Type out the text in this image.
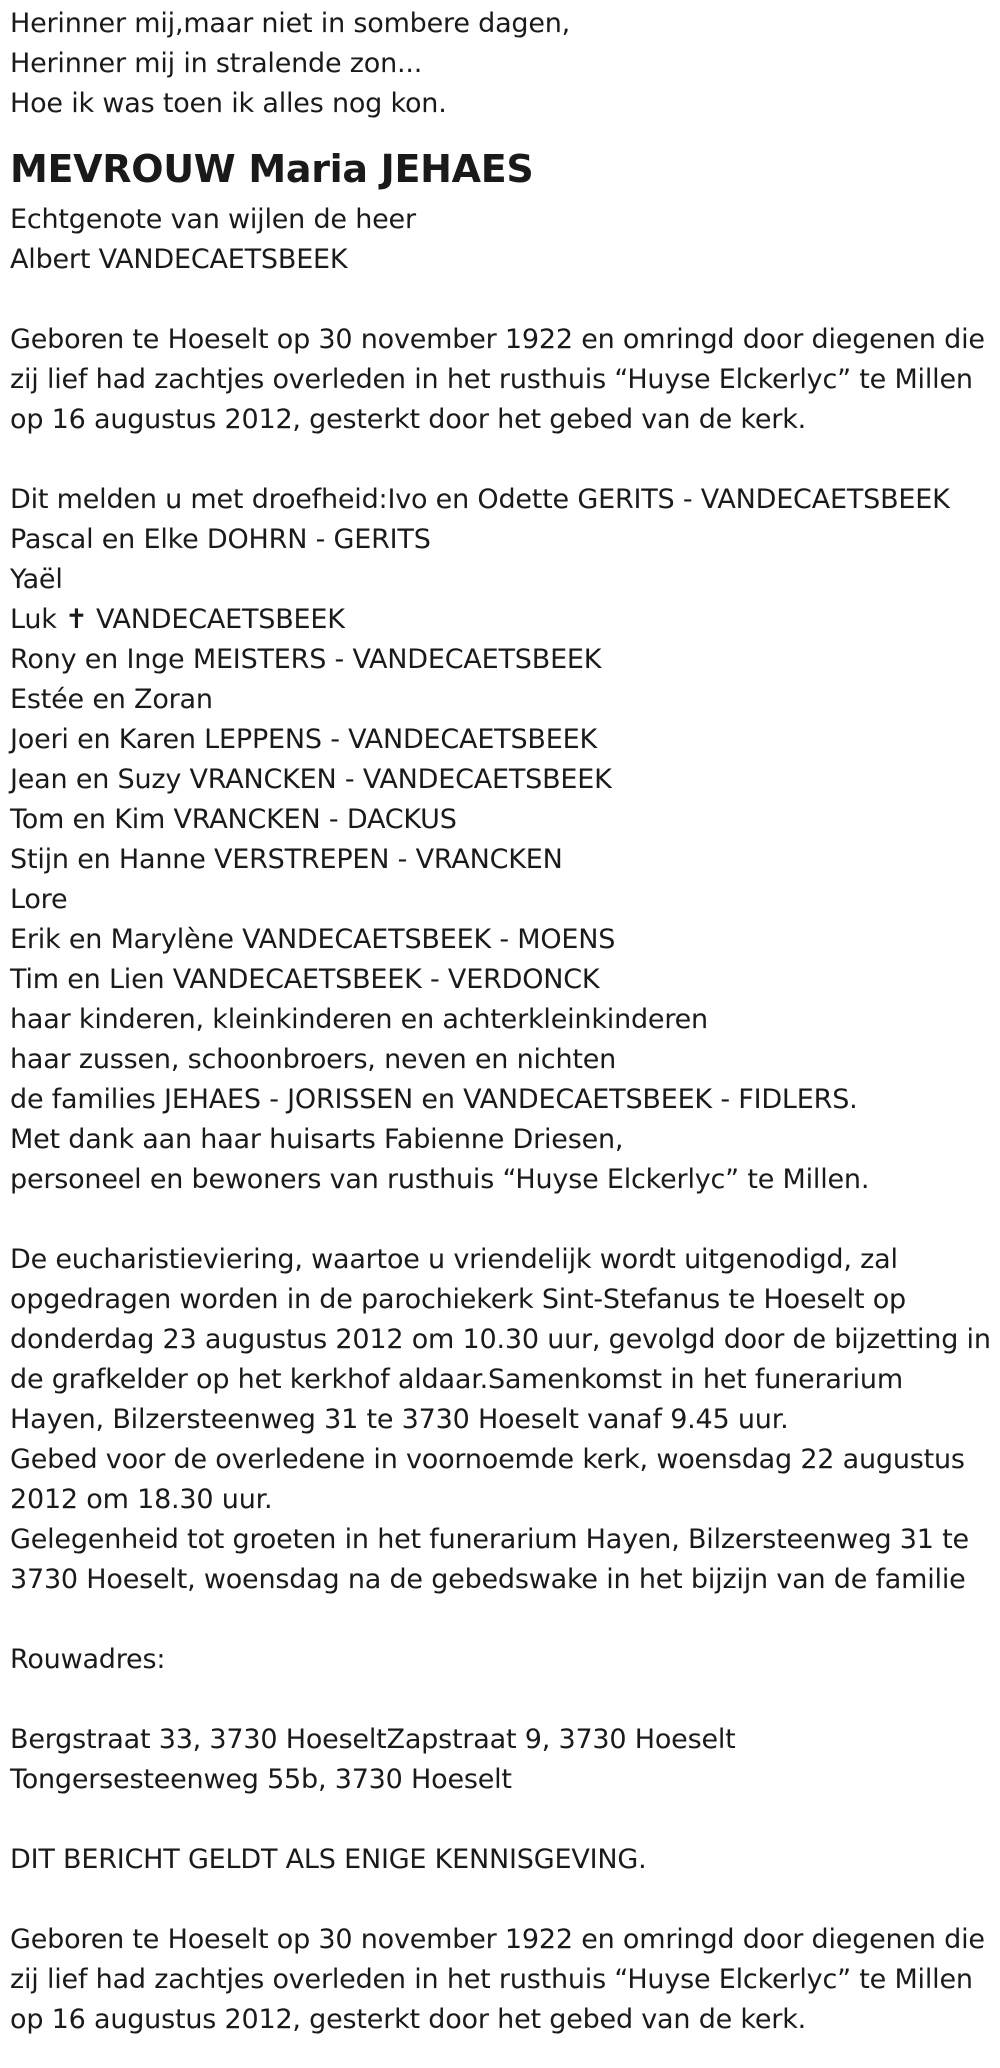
Herinner mij,maar niet in sombere dagen,
Herinner mij in stralende zon...
Hoe ik was toen ik alles nog kon.
MEVROUW Maria JEHAES
Echtgenote van wijlen de heer
Albert VANDECAETSBEEK
Geboren te Hoeselt op 30 november 1922 en omringd door diegenen die
zij lief had zachtjes overleden in het rusthuis “Huyse Elckerlyc” te Millen
op 16 augustus 2012, gesterkt door het gebed van de kerk.
Dit melden u met droefheid:Ivo en Odette GERITS - VANDECAETSBEEK
Pascal en Elke DOHRN - GERITS
Yaël
Luk ✝ VANDECAETSBEEK
Rony en Inge MEISTERS - VANDECAETSBEEK
Estée en Zoran
Joeri en Karen LEPPENS - VANDECAETSBEEK
Jean en Suzy VRANCKEN - VANDECAETSBEEK
Tom en Kim VRANCKEN - DACKUS
Stijn en Hanne VERSTREPEN - VRANCKEN
Lore
Erik en Marylène VANDECAETSBEEK - MOENS
Tim en Lien VANDECAETSBEEK - VERDONCK
haar kinderen, kleinkinderen en achterkleinkinderen
haar zussen, schoonbroers, neven en nichten
de families JEHAES - JORISSEN en VANDECAETSBEEK - FIDLERS.
Met dank aan haar huisarts Fabienne Driesen,
personeel en bewoners van rusthuis “Huyse Elckerlyc” te Millen.
De eucharistieviering, waartoe u vriendelijk wordt uitgenodigd, zal
opgedragen worden in de parochiekerk Sint-Stefanus te Hoeselt op
donderdag 23 augustus 2012 om 10.30 uur, gevolgd door de bijzetting in
de grafkelder op het kerkhof aldaar.Samenkomst in het funerarium
Hayen, Bilzersteenweg 31 te 3730 Hoeselt vanaf 9.45 uur.
Gebed voor de overledene in voornoemde kerk, woensdag 22 augustus
2012 om 18.30 uur.
Gelegenheid tot groeten in het funerarium Hayen, Bilzersteenweg 31 te
3730 Hoeselt, woensdag na de gebedswake in het bijzijn van de familie
Rouwadres:
Bergstraat 33, 3730 HoeseltZapstraat 9, 3730 Hoeselt
Tongersesteenweg 55b, 3730 Hoeselt
DIT BERICHT GELDT ALS ENIGE KENNISGEVING.
Geboren te Hoeselt op 30 november 1922 en omringd door diegenen die
zij lief had zachtjes overleden in het rusthuis “Huyse Elckerlyc” te Millen
op 16 augustus 2012, gesterkt door het gebed van de kerk.
